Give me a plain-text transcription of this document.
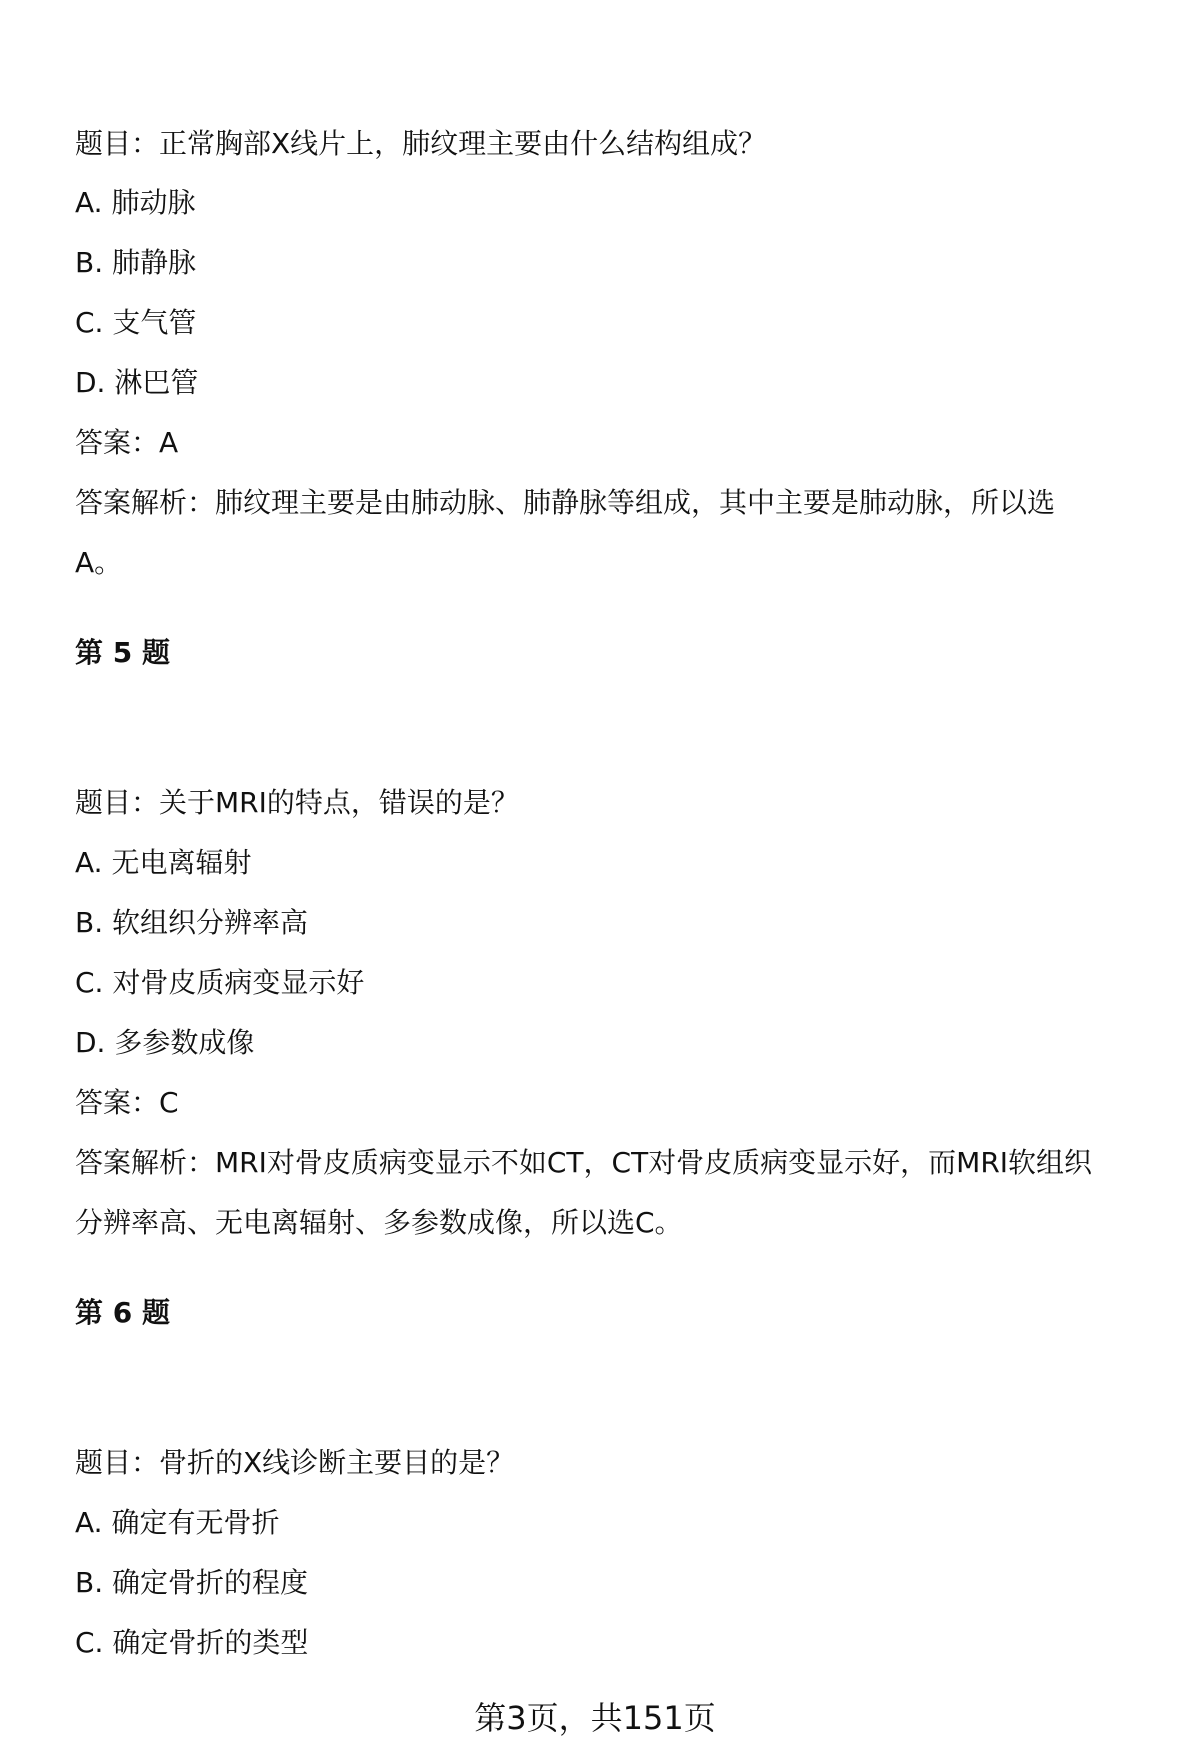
题目：正常胸部X线片上，肺纹理主要由什么结构组成？
A. 肺动脉
B. 肺静脉
C. 支气管
D. 淋巴管
答案：A
答案解析：肺纹理主要是由肺动脉、肺静脉等组成，其中主要是肺动脉，所以选
A。
第 5 题
题目：关于MRI的特点，错误的是？
A. 无电离辐射
B. 软组织分辨率高
C. 对骨皮质病变显示好
D. 多参数成像
答案：C
答案解析：MRI对骨皮质病变显示不如CT，CT对骨皮质病变显示好，而MRI软组织
分辨率高、无电离辐射、多参数成像，所以选C。
第 6 题
题目：骨折的X线诊断主要目的是？
A. 确定有无骨折
B. 确定骨折的程度
C. 确定骨折的类型
第3页，共151页
